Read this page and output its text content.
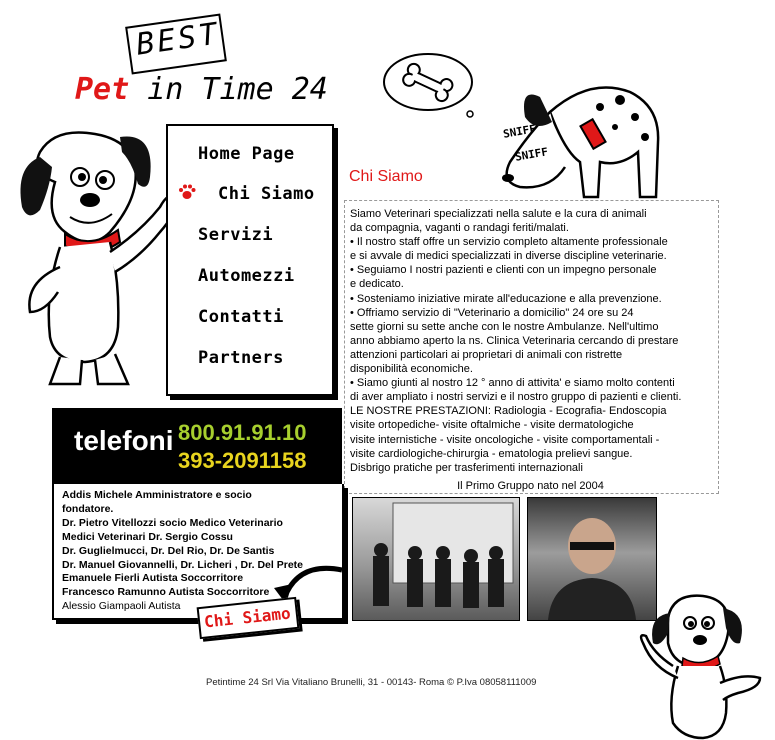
BEST
Pet in Time 24
SNIFF
SNIFF
Home Page
Chi Siamo
Servizi
Automezzi
Contatti
Partners
Chi Siamo

Siamo Veterinari specializzati nella salute e la cura di animali

da compagnia, vaganti o randagi feriti/malati.

• Il nostro staff offre un servizio completo altamente professionale

e si avvale di medici specializzati in diverse discipline veterinarie.

• Seguiamo I nostri pazienti e clienti con un impegno personale

e dedicato.

• Sosteniamo iniziative mirate all'educazione e alla prevenzione.

• Offriamo servizio di "Veterinario a domicilio" 24 ore su 24

sette giorni su sette anche con le nostre Ambulanze. Nell'ultimo

anno abbiamo aperto la ns. Clinica Veterinaria cercando di prestare

attenzioni particolari ai proprietari di animali con ristrette

disponibilità economiche.

• Siamo giunti al nostro 12 ° anno di attivita' e siamo molto contenti

di aver ampliato i nostri servizi e il nostro gruppo di pazienti e clienti.

LE NOSTRE PRESTAZIONI: Radiologia - Ecografia- Endoscopia

visite ortopediche- visite oftalmiche - visite dermatologiche

visite internistiche - visite oncologiche - visite comportamentali -

visite cardiologiche-chirurgia - ematologia prelievi sangue.

Disbrigo pratiche per trasferimenti internazionali

Il Primo Gruppo nato nel 2004
telefoni 800.91.91.10
393-2091158
Addis Michele Amministratore e socio
fondatore.
Dr. Pietro Vitellozzi socio Medico Veterinario
Medici Veterinari Dr. Sergio Cossu
Dr. Guglielmucci, Dr. Del Rio, Dr. De Santis
Dr. Manuel Giovannelli, Dr. Licheri , Dr. Del Prete
Emanuele Fierli Autista Soccorritore
Francesco Ramunno Autista Soccorritore
Alessio Giampaoli Autista	Chi Siamo
Petintime 24 Srl Via Vitaliano Brunelli, 31 - 00143- Roma © P.Iva 08058111009
